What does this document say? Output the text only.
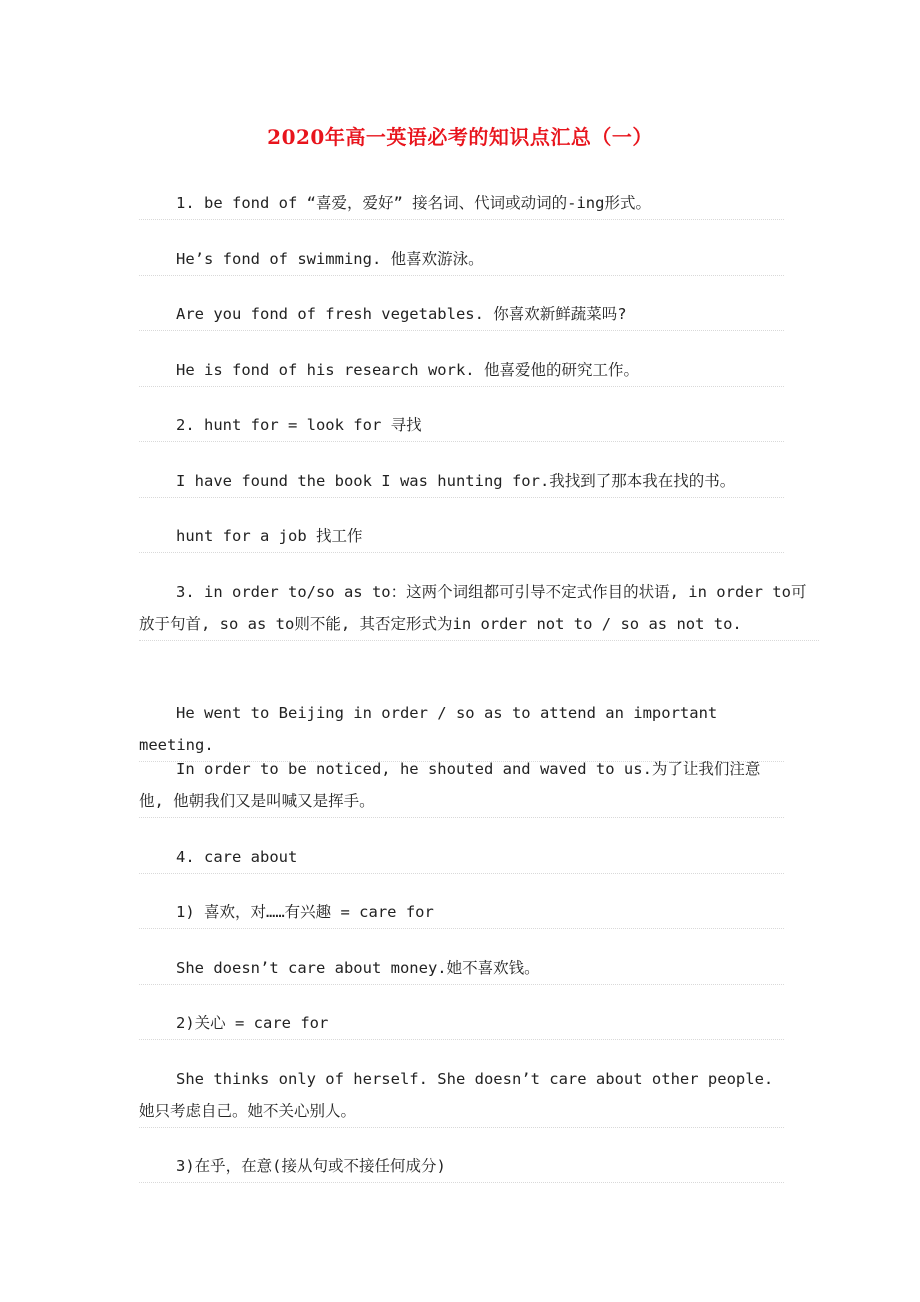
2020年高一英语必考的知识点汇总（一）
1. be fond of “喜爱，爱好” 接名词、代词或动词的-ing形式。
He’s fond of swimming. 他喜欢游泳。
Are you fond of fresh vegetables. 你喜欢新鲜蔬菜吗?
He is fond of his research work. 他喜爱他的研究工作。
2. hunt for = look for 寻找
I have found the book I was hunting for.我找到了那本我在找的书。
hunt for a job 找工作
3. in order to/so as to：这两个词组都可引导不定式作目的状语, in order to可放于句首, so as to则不能, 其否定形式为in order not to / so as not to.
He went to Beijing in order / so as to attend an important meeting.
In order to be noticed, he shouted and waved to us.为了让我们注意他, 他朝我们又是叫喊又是挥手。
4. care about
1) 喜欢，对……有兴趣 = care for
She doesn’t care about money.她不喜欢钱。
2)关心 = care for
She thinks only of herself. She doesn’t care about other people.她只考虑自己。她不关心别人。
3)在乎，在意(接从句或不接任何成分)
